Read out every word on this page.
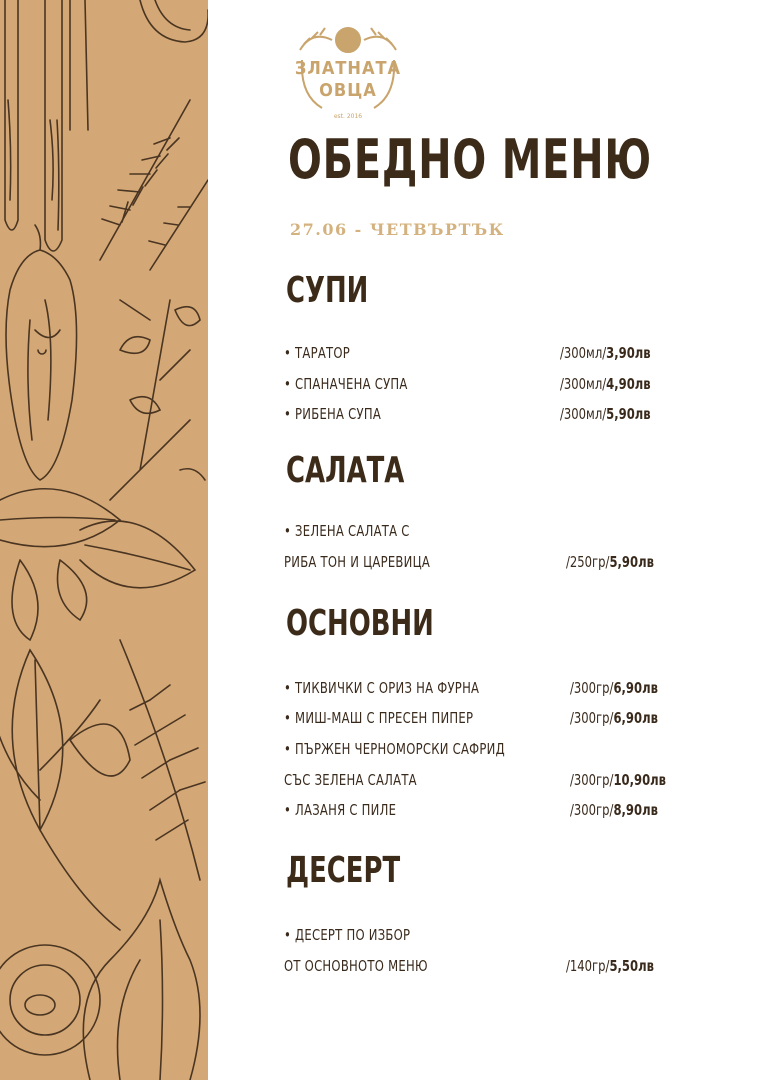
ЗЛАТНАТА
ОВЦА
est. 2016
ОБЕДНО МЕНЮ
27.06 - ЧЕТВЪРТЪК
СУПИ
• ТАРАТОР	/300мл/3,90лв
• СПАНАЧЕНА СУПА	/300мл/4,90лв
• РИБЕНА СУПА	/300мл/5,90лв
САЛАТА
• ЗЕЛЕНА САЛАТА С
РИБА ТОН И ЦАРЕВИЦА	/250гр/5,90лв
ОСНОВНИ
• ТИКВИЧКИ С ОРИЗ НА ФУРНА	/300гр/6,90лв
• МИШ-МАШ С ПРЕСЕН ПИПЕР	/300гр/6,90лв
• ПЪРЖЕН ЧЕРНОМОРСКИ САФРИД
СЪС ЗЕЛЕНА САЛАТА	/300гр/10,90лв
• ЛАЗАНЯ С ПИЛЕ	/300гр/8,90лв
ДЕСЕРТ
• ДЕСЕРТ ПО ИЗБОР
ОТ ОСНОВНОТО МЕНЮ	/140гр/5,50лв
